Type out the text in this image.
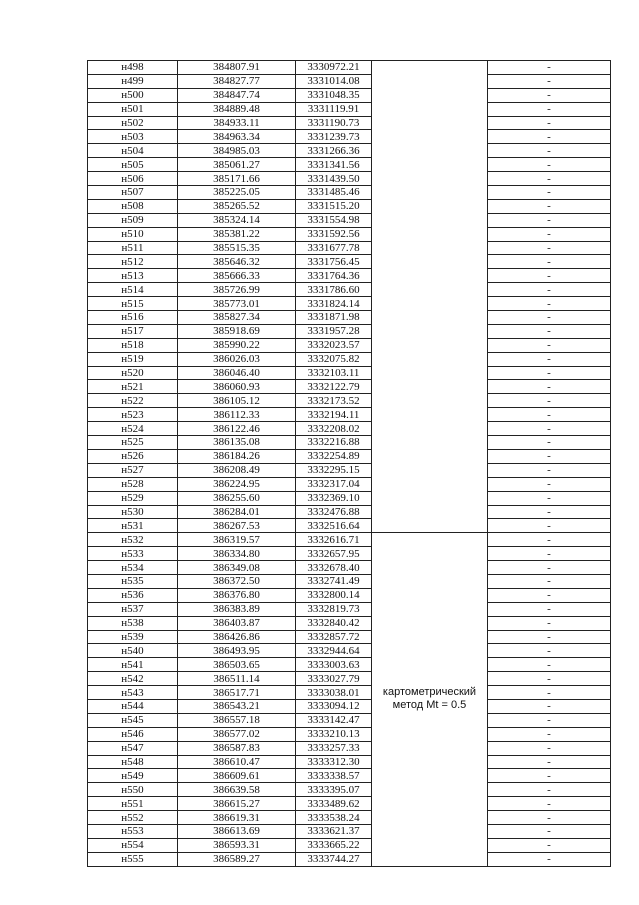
н498	384807.91	3330972.21		-
н499	384827.77	3331014.08		-
н500	384847.74	3331048.35		-
н501	384889.48	3331119.91		-
н502	384933.11	3331190.73		-
н503	384963.34	3331239.73		-
н504	384985.03	3331266.36		-
н505	385061.27	3331341.56		-
н506	385171.66	3331439.50		-
н507	385225.05	3331485.46		-
н508	385265.52	3331515.20		-
н509	385324.14	3331554.98		-
н510	385381.22	3331592.56		-
н511	385515.35	3331677.78		-
н512	385646.32	3331756.45		-
н513	385666.33	3331764.36		-
н514	385726.99	3331786.60		-
н515	385773.01	3331824.14		-
н516	385827.34	3331871.98		-
н517	385918.69	3331957.28		-
н518	385990.22	3332023.57		-
н519	386026.03	3332075.82		-
н520	386046.40	3332103.11		-
н521	386060.93	3332122.79		-
н522	386105.12	3332173.52		-
н523	386112.33	3332194.11		-
н524	386122.46	3332208.02		-
н525	386135.08	3332216.88		-
н526	386184.26	3332254.89		-
н527	386208.49	3332295.15		-
н528	386224.95	3332317.04		-
н529	386255.60	3332369.10		-
н530	386284.01	3332476.88		-
н531	386267.53	3332516.64		-
н532	386319.57	3332616.71	картометрический метод Mt = 0.5	-
н533	386334.80	3332657.95		-
н534	386349.08	3332678.40		-
н535	386372.50	3332741.49		-
н536	386376.80	3332800.14		-
н537	386383.89	3332819.73		-
н538	386403.87	3332840.42		-
н539	386426.86	3332857.72		-
н540	386493.95	3332944.64		-
н541	386503.65	3333003.63		-
н542	386511.14	3333027.79		-
н543	386517.71	3333038.01		-
н544	386543.21	3333094.12		-
н545	386557.18	3333142.47		-
н546	386577.02	3333210.13		-
н547	386587.83	3333257.33		-
н548	386610.47	3333312.30		-
н549	386609.61	3333338.57		-
н550	386639.58	3333395.07		-
н551	386615.27	3333489.62		-
н552	386619.31	3333538.24		-
н553	386613.69	3333621.37		-
н554	386593.31	3333665.22		-
н555	386589.27	3333744.27		-
